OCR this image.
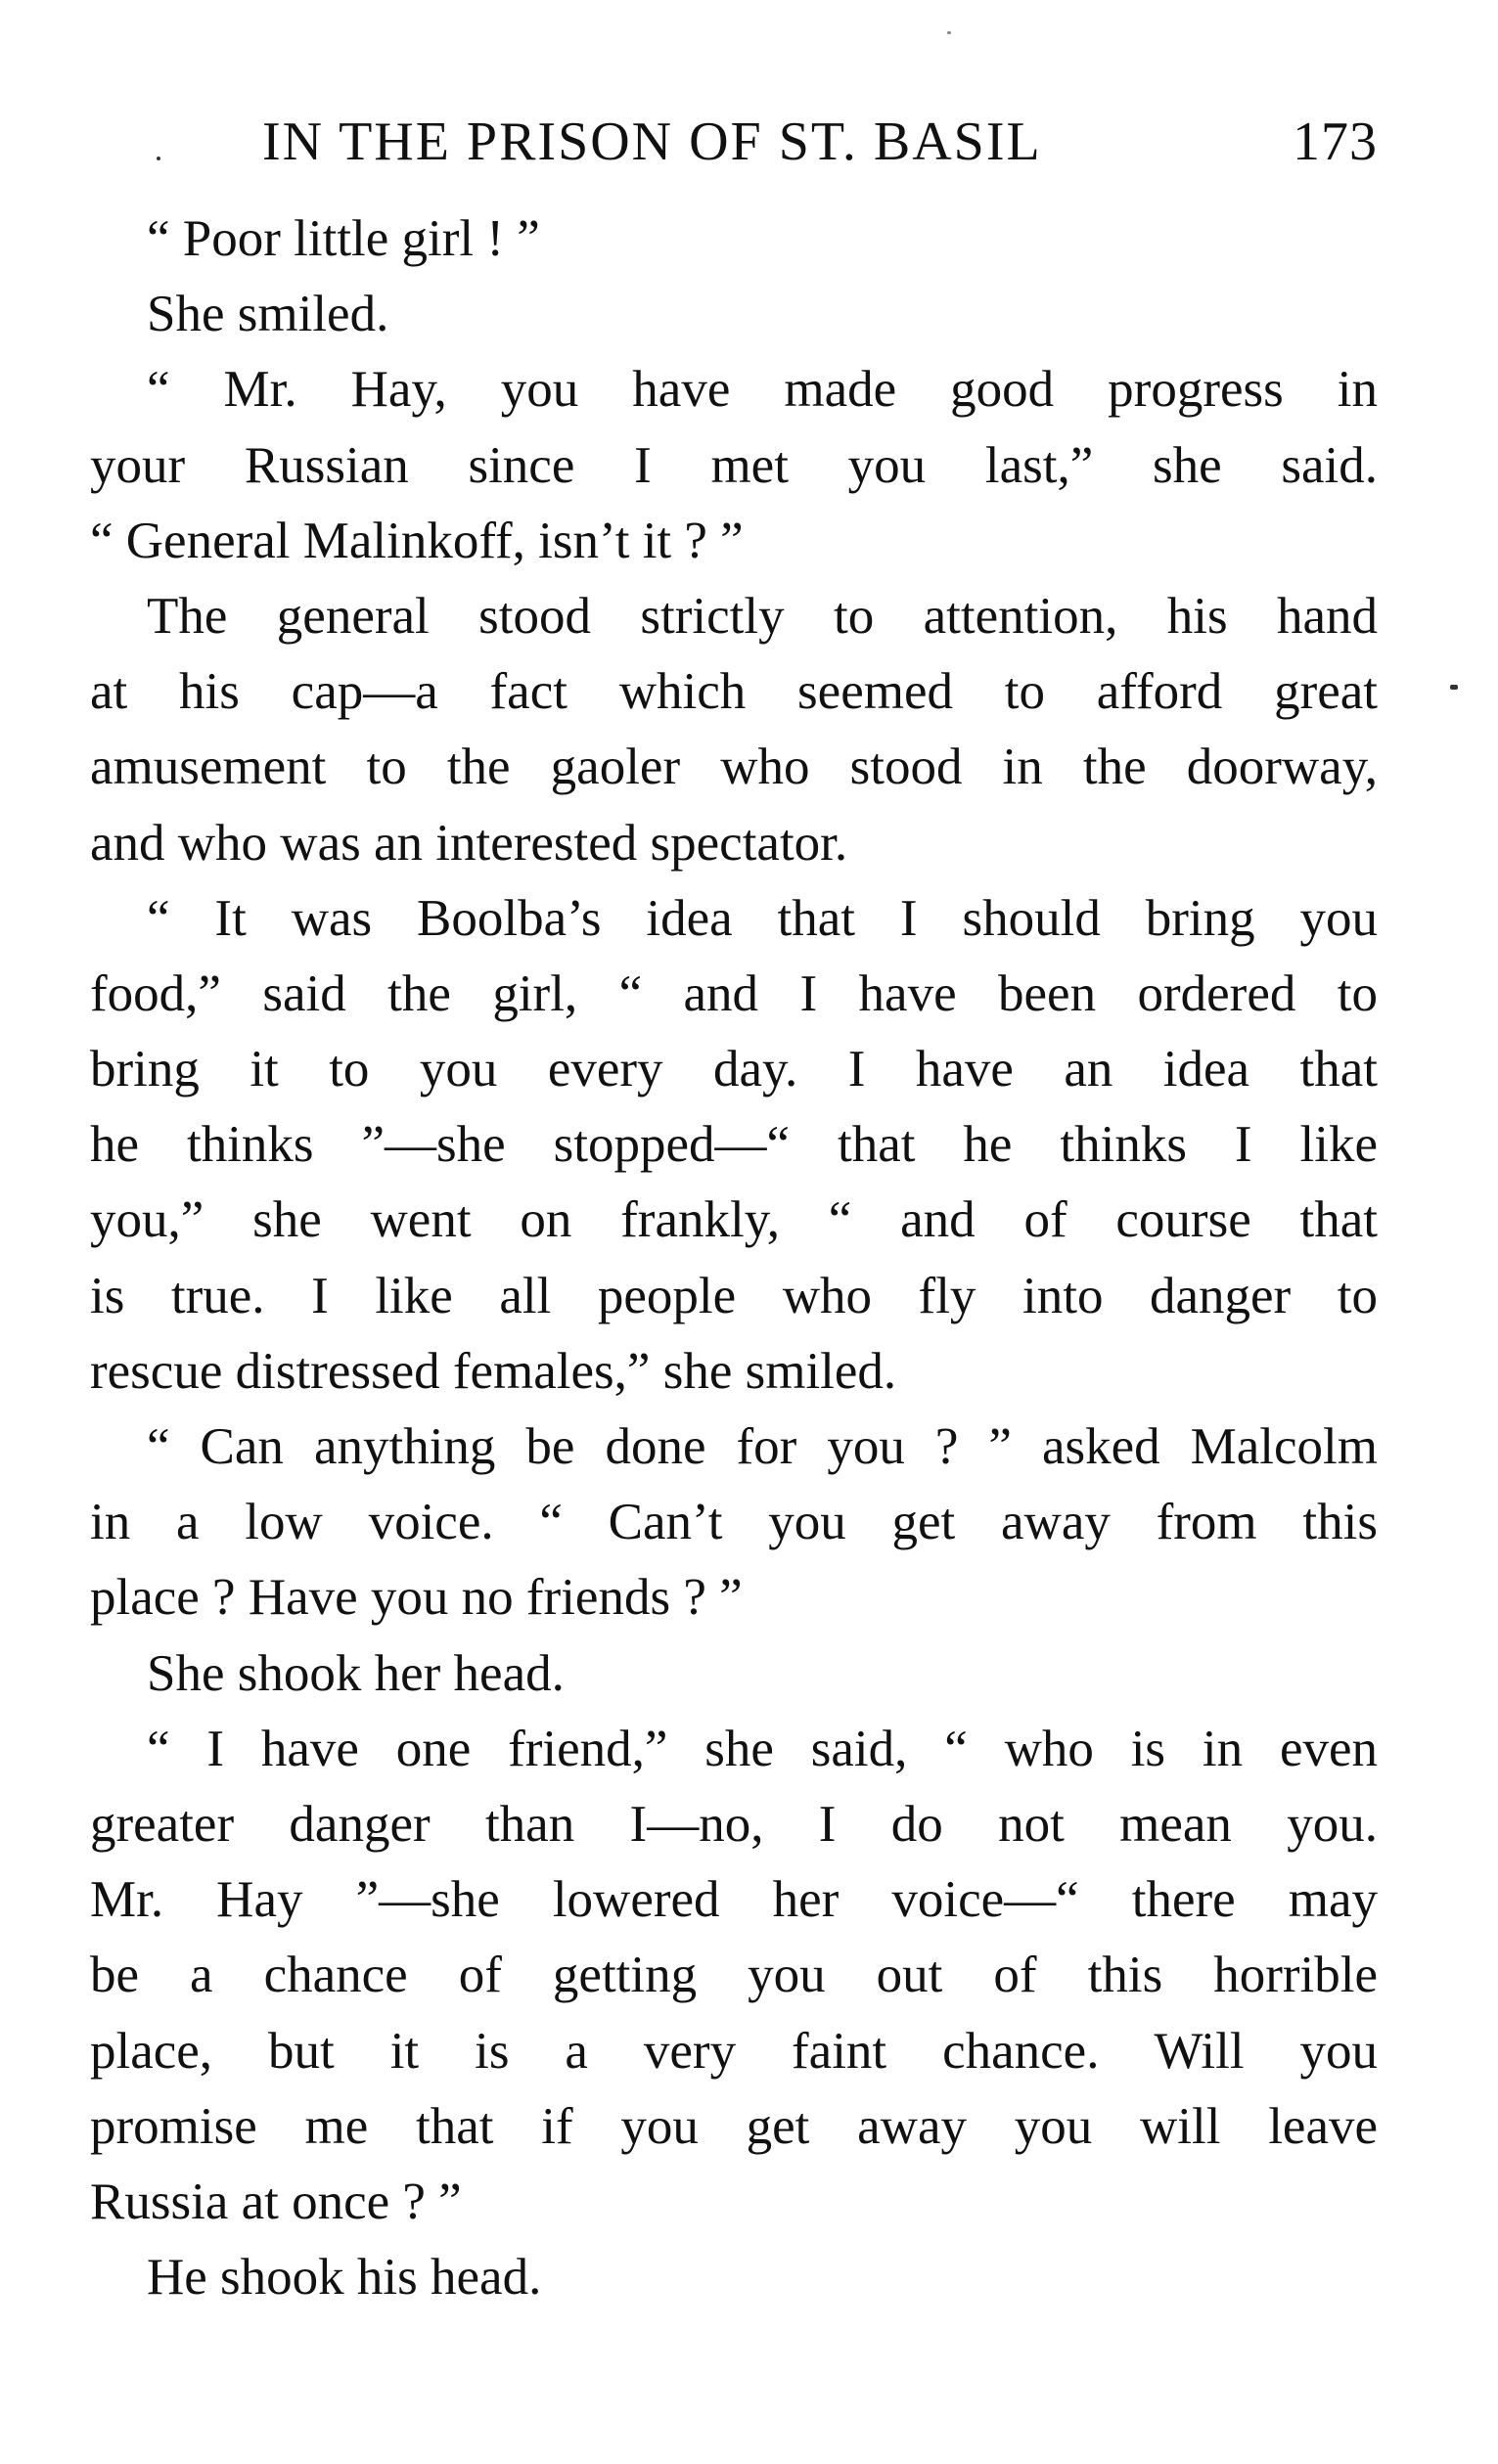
IN THE PRISON OF ST. BASIL	173
“ Poor little girl ! ”
She smiled.
“ Mr. Hay, you have made good progress in
your Russian since I met you last,” she said.
“ General Malinkoff, isn’t it ? ”
The general stood strictly to attention, his hand
at his cap—a fact which seemed to afford great
amusement to the gaoler who stood in the doorway,
and who was an interested spectator.
“ It was Boolba’s idea that I should bring you
food,” said the girl, “ and I have been ordered to
bring it to you every day. I have an idea that
he thinks ”—she stopped—“ that he thinks I like
you,” she went on frankly, “ and of course that
is true. I like all people who fly into danger to
rescue distressed females,” she smiled.
“ Can anything be done for you ? ” asked Malcolm
in a low voice. “ Can’t you get away from this
place ? Have you no friends ? ”
She shook her head.
“ I have one friend,” she said, “ who is in even
greater danger than I—no, I do not mean you.
Mr. Hay ”—she lowered her voice—“ there may
be a chance of getting you out of this horrible
place, but it is a very faint chance. Will you
promise me that if you get away you will leave
Russia at once ? ”
He shook his head.
